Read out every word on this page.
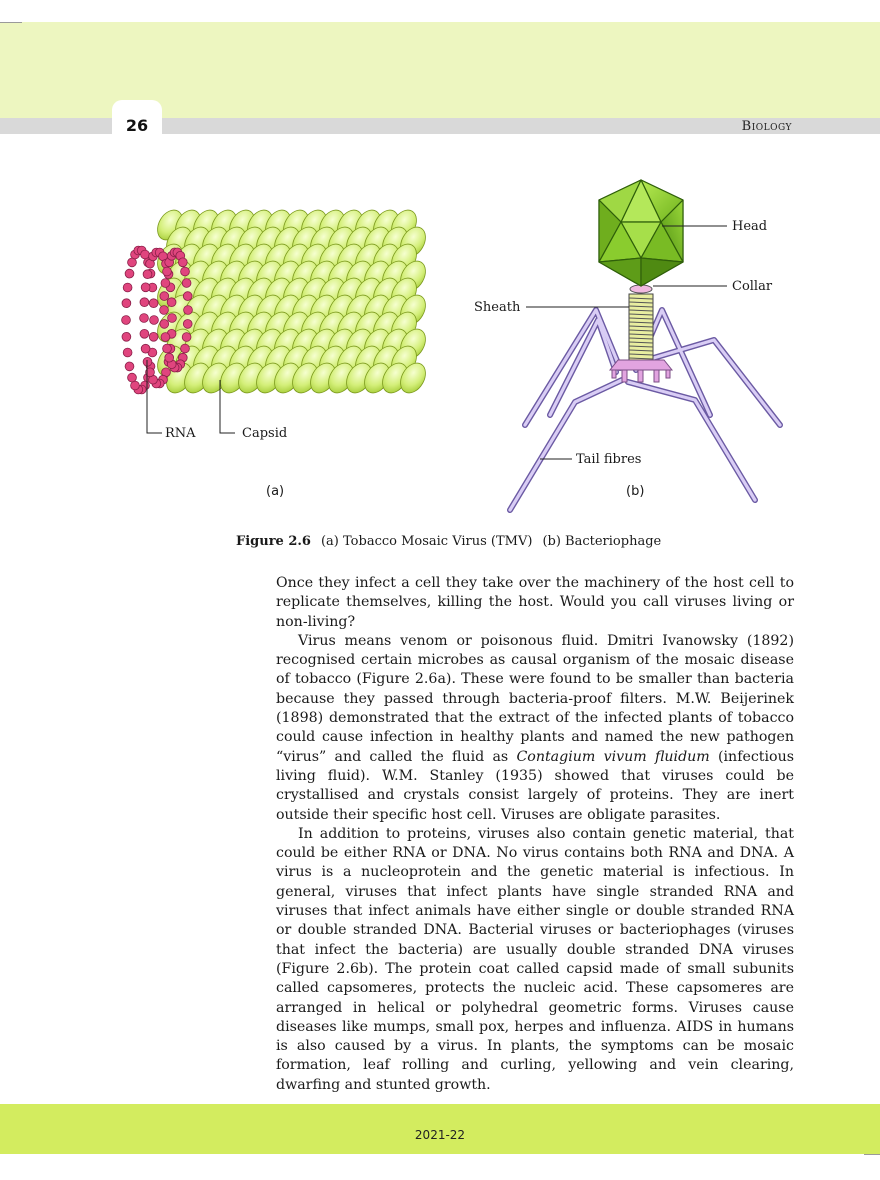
26	Biology
RNA	Capsid
(a)
Head
Collar
Sheath
Tail fibres
(b)
Figure 2.6 (a) Tobacco Mosaic Virus (TMV) (b) Bacteriophage

Once they infect a cell they take over the machinery of the host cell to replicate themselves, killing the host. Would you call viruses living or non-living?

Virus means venom or poisonous fluid. Dmitri Ivanowsky (1892) recognised certain microbes as causal organism of the mosaic disease of tobacco (Figure 2.6a). These were found to be smaller than bacteria because they passed through bacteria-proof filters. M.W. Beijerinek (1898) demonstrated that the extract of the infected plants of tobacco could cause infection in healthy plants and named the new pathogen “virus” and called the fluid as Contagium vivum fluidum (infectious living fluid). W.M. Stanley (1935) showed that viruses could be crystallised and crystals consist largely of proteins. They are inert outside their specific host cell. Viruses are obligate parasites.

In addition to proteins, viruses also contain genetic material, that could be either RNA or DNA. No virus contains both RNA and DNA. A virus is a nucleoprotein and the genetic material is infectious. In general, viruses that infect plants have single stranded RNA and viruses that infect animals have either single or double stranded RNA or double stranded DNA. Bacterial viruses or bacteriophages (viruses that infect the bacteria) are usually double stranded DNA viruses (Figure 2.6b). The protein coat called capsid made of small subunits called capsomeres, protects the nucleic acid. These capsomeres are arranged in helical or polyhedral geometric forms. Viruses cause diseases like mumps, small pox, herpes and influenza. AIDS in humans is also caused by a virus. In plants, the symptoms can be mosaic formation, leaf rolling and curling, yellowing and vein clearing, dwarfing and stunted growth.

2021-22
